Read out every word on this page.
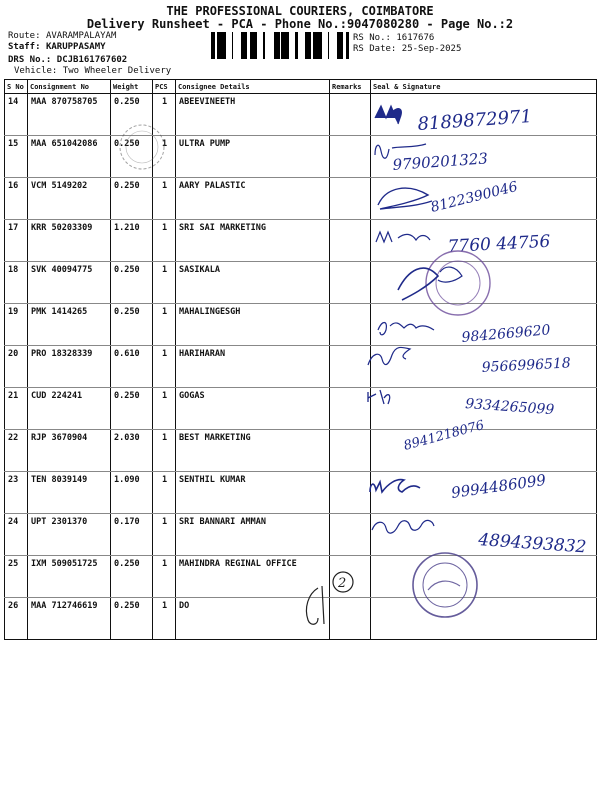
THE PROFESSIONAL COURIERS, COIMBATORE
Delivery Runsheet - PCA - Phone No.:9047080280 - Page No.:2
Route: AVARAMPALAYAM
Staff: KARUPPASAMY
DRS No.: DCJB161767602
Vehicle: Two Wheeler Delivery
RS No.: 1617676
RS Date: 25-Sep-2025
S No	Consignment No	Weight	PCS	Consignee Details	Remarks	Seal & Signature
14	MAA 870758705	0.250	1	ABEEVINEETH		
15	MAA 651042086	0.250	1	ULTRA PUMP		
16	VCM 5149202	0.250	1	AARY PALASTIC		
17	KRR 50203309	1.210	1	SRI SAI MARKETING		
18	SVK 40094775	0.250	1	SASIKALA		
19	PMK 1414265	0.250	1	MAHALINGESGH		
20	PRO 18328339	0.610	1	HARIHARAN		
21	CUD 224241	0.250	1	GOGAS		
22	RJP 3670904	2.030	1	BEST MARKETING		
23	TEN 8039149	1.090	1	SENTHIL KUMAR		
24	UPT 2301370	0.170	1	SRI BANNARI AMMAN		
25	IXM 509051725	0.250	1	MAHINDRA REGINAL OFFICE		
26	MAA 712746619	0.250	1	DO		
8189872971
9790201323
8122390046
7760 44756
9842669620
9566996518
9334265099
8941218076
9994486099
4894393832
2
